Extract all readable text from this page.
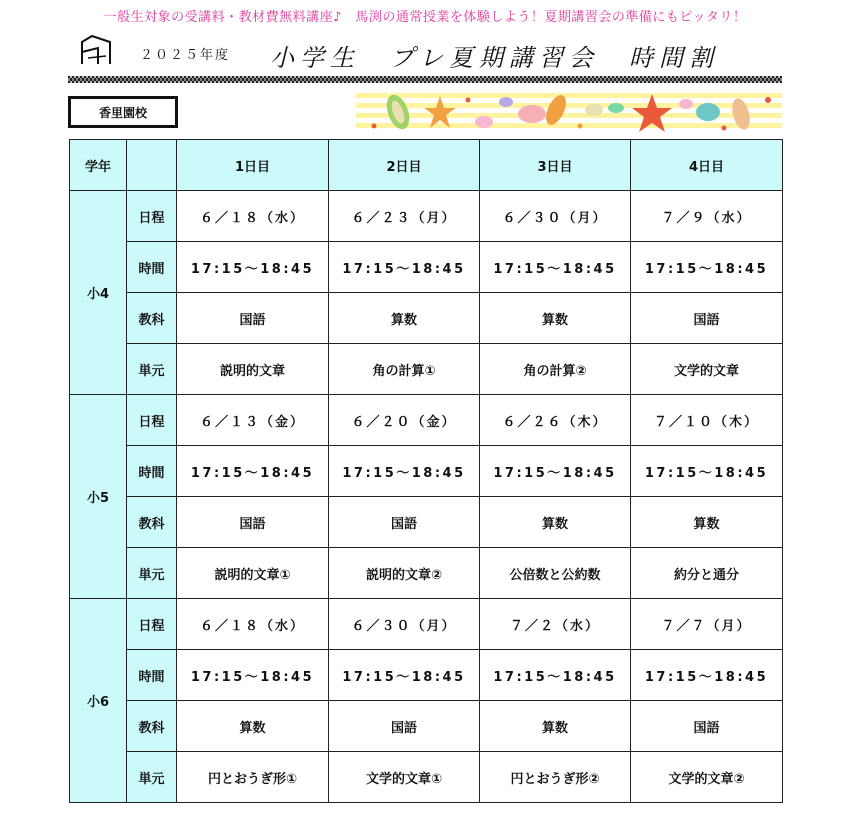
一般生対象の受講料・教材費無料講座♪　馬渕の通常授業を体験しよう！夏期講習会の準備にもピッタリ！
２０２５年度 小学生　プレ夏期講習会　時間割
香里園校
学年		1日目	2日目	3日目	4日目
小4	日程	６／１８（水）	６／２３（月）	６／３０（月）	７／９（水）
	時間	17:15～18:45	17:15～18:45	17:15～18:45	17:15～18:45
	教科	国語	算数	算数	国語
	単元	説明的文章	角の計算①	角の計算②	文学的文章
小5	日程	６／１３（金）	６／２０（金）	６／２６（木）	７／１０（木）
	時間	17:15～18:45	17:15～18:45	17:15～18:45	17:15～18:45
	教科	国語	国語	算数	算数
	単元	説明的文章①	説明的文章②	公倍数と公約数	約分と通分
小6	日程	６／１８（水）	６／３０（月）	７／２（水）	７／７（月）
	時間	17:15～18:45	17:15～18:45	17:15～18:45	17:15～18:45
	教科	算数	国語	算数	国語
	単元	円とおうぎ形①	文学的文章①	円とおうぎ形②	文学的文章②
